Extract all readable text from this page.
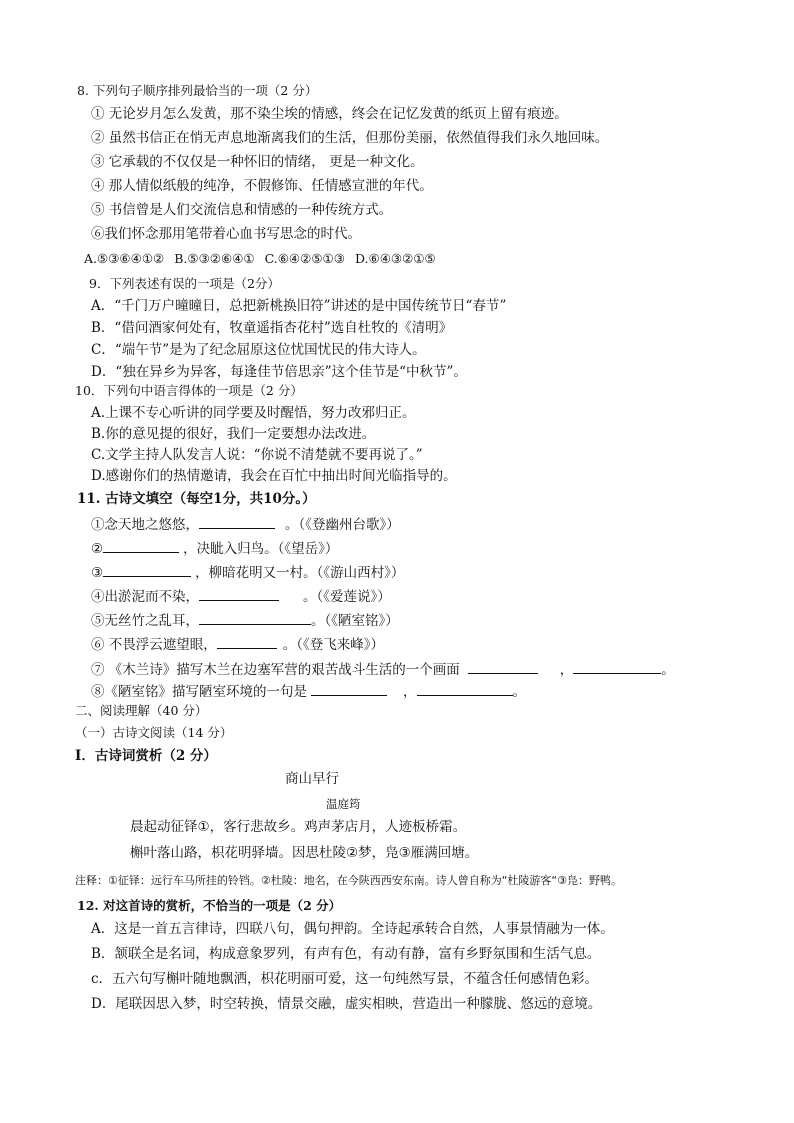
8. 下列句子顺序排列最恰当的一项（2 分）
① 无论岁月怎么发黄，那不染尘埃的情感，终会在记忆发黄的纸页上留有痕迹。
② 虽然书信正在悄无声息地渐离我们的生活，但那份美丽，依然值得我们永久地回味。
③ 它承载的不仅仅是一种怀旧的情绪， 更是一种文化。
④ 那人情似纸般的纯净，不假修饰、任情感宣泄的年代。
⑤ 书信曾是人们交流信息和情感的一种传统方式。
⑥我们怀念那用笔带着心血书写思念的时代。
A.⑤③⑥④①② B.⑤③②⑥④① C.⑥④②⑤①③ D.⑥④③②①⑤
9．下列表述有误的一项是（2分）
A．“千门万户曈曈日，总把新桃换旧符”讲述的是中国传统节日“春节”
B．“借问酒家何处有，牧童遥指杏花村”选自杜牧的《清明》
C．“端午节”是为了纪念屈原这位忧国忧民的伟大诗人。
D．“独在异乡为异客，每逢佳节倍思亲”这个佳节是“中秋节”。
10．下列句中语言得体的一项是（2 分）
A.上课不专心听讲的同学要及时醒悟，努力改邪归正。
B.你的意见提的很好，我们一定要想办法改进。
C.文学主持人队发言人说：“你说不清楚就不要再说了。”
D.感谢你们的热情邀请，我会在百忙中抽出时间光临指导的。
11. 古诗文填空（每空1分，共10分。）
①念天地之悠悠，	。（《登幽州台歌》）
②	，决眦入归鸟。（《望岳》）
③	，柳暗花明又一村。（《游山西村》）
④出淤泥而不染，	。（《爱莲说》）
⑤无丝竹之乱耳，	。（《陋室铭》）
⑥ 不畏浮云遮望眼，	。（《登飞来峰》）
⑦ 《木兰诗》描写木兰在边塞军营的艰苦战斗生活的一个画面	，	。
⑧《陋室铭》描写陋室环境的一句是	，	。
二、阅读理解（40 分）
（一）古诗文阅读（14 分）
I．古诗词赏析（2 分）
商山早行
温庭筠
晨起动征铎①，客行悲故乡。鸡声茅店月，人迹板桥霜。
槲叶落山路，枳花明驿墙。因思杜陵②梦，凫③雁满回塘。
注释：①征铎：远行车马所挂的铃铛。②杜陵：地名，在今陕西西安东南。诗人曾自称为“杜陵游客“③凫：野鸭。
12. 对这首诗的赏析，不恰当的一项是（2 分）
A．这是一首五言律诗，四联八句，偶句押韵。全诗起承转合自然，人事景情融为一体。
B．颔联全是名词，构成意象罗列，有声有色，有动有静，富有乡野氛围和生活气息。
c．五六句写槲叶随地飘洒，枳花明丽可爱，这一句纯然写景，不蕴含任何感情色彩。
D．尾联因思入梦，时空转换，情景交融，虚实相映，营造出一种朦胧、悠远的意境。
